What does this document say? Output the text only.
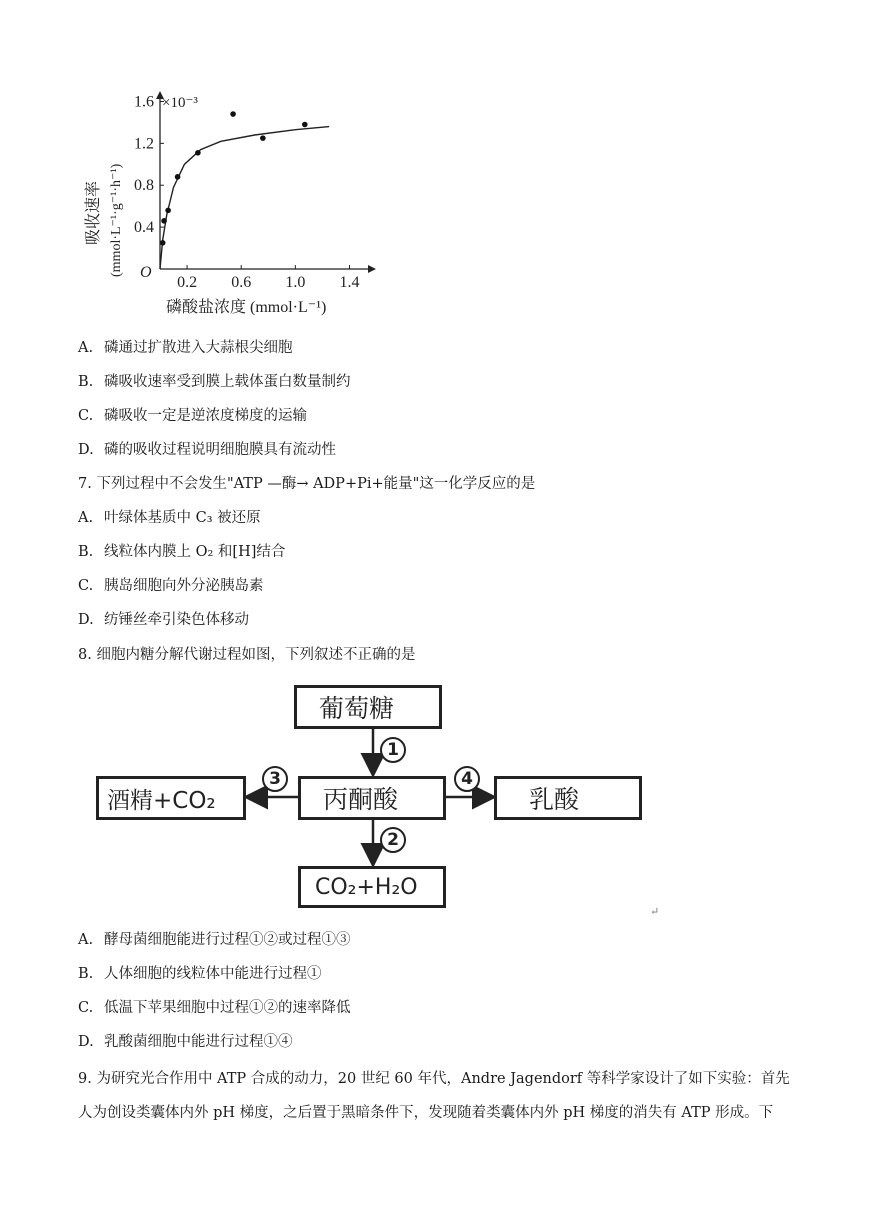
0.2 0.6 1.0 1.4
0.4
0.8
1.2
1.6 ×10⁻³
O
磷酸盐浓度 (mmol·L⁻¹)
吸收速率 (mmol·L⁻¹·g⁻¹·h⁻¹)
A. 磷通过扩散进入大蒜根尖细胞
B. 磷吸收速率受到膜上载体蛋白数量制约
C. 磷吸收一定是逆浓度梯度的运输
D. 磷的吸收过程说明细胞膜具有流动性
7. 下列过程中不会发生"ATP —酶→ ADP+Pi+能量"这一化学反应的是
A. 叶绿体基质中 C₃ 被还原
B. 线粒体内膜上 O₂ 和[H]结合
C. 胰岛细胞向外分泌胰岛素
D. 纺锤丝牵引染色体移动
8. 细胞内糖分解代谢过程如图，下列叙述不正确的是
葡萄糖
丙酮酸
酒精+CO₂	乳酸
CO₂+H₂O
1
2
3	4
↵
A. 酵母菌细胞能进行过程①②或过程①③
B. 人体细胞的线粒体中能进行过程①
C. 低温下苹果细胞中过程①②的速率降低
D. 乳酸菌细胞中能进行过程①④
9. 为研究光合作用中 ATP 合成的动力，20 世纪 60 年代，Andre Jagendorf 等科学家设计了如下实验：首先人为创设类囊体内外 pH 梯度，之后置于黑暗条件下，发现随着类囊体内外 pH 梯度的消失有 ATP 形成。下
